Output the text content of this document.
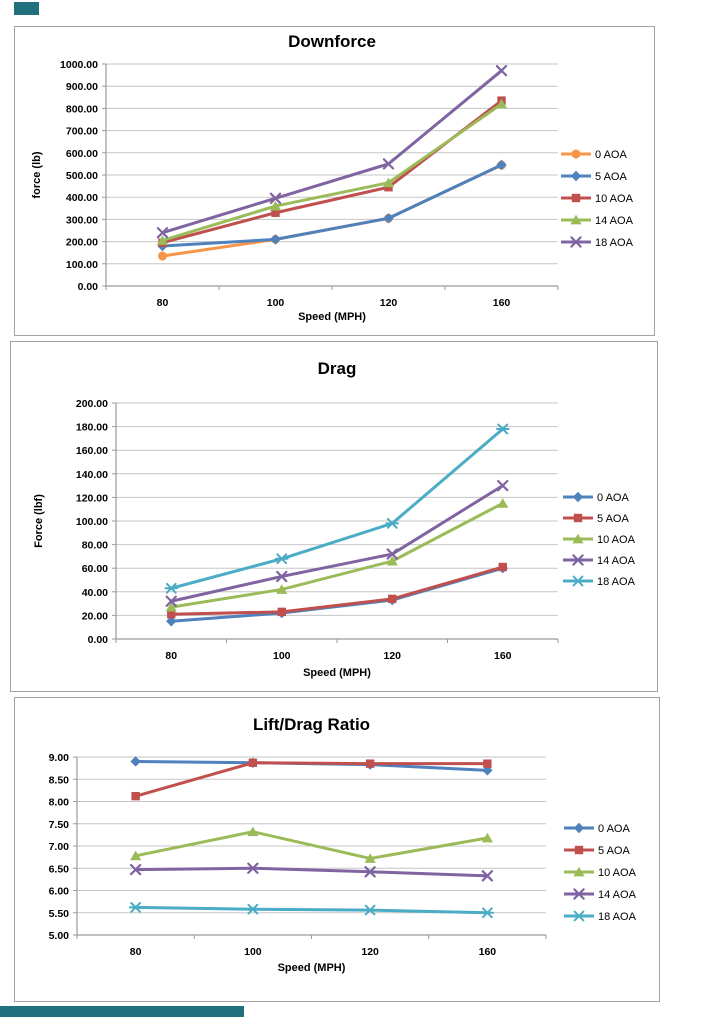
Downforce
force (lb)
Speed (MPH)
0.00
100.00
200.00
300.00
400.00
500.00
600.00
700.00
800.00
900.00
1000.00
80	100	120	160
0 AOA
5 AOA
10 AOA
14 AOA
18 AOA
Drag
Force (lbf)
Speed (MPH)
0.00
20.00
40.00
60.00
80.00
100.00
120.00
140.00
160.00
180.00
200.00
80	100	120	160
0 AOA
5 AOA
10 AOA
14 AOA
18 AOA
Lift/Drag Ratio
Speed (MPH)
5.00
5.50
6.00
6.50
7.00
7.50
8.00
8.50
9.00
80	100	120	160
0 AOA
5 AOA
10 AOA
14 AOA
18 AOA
